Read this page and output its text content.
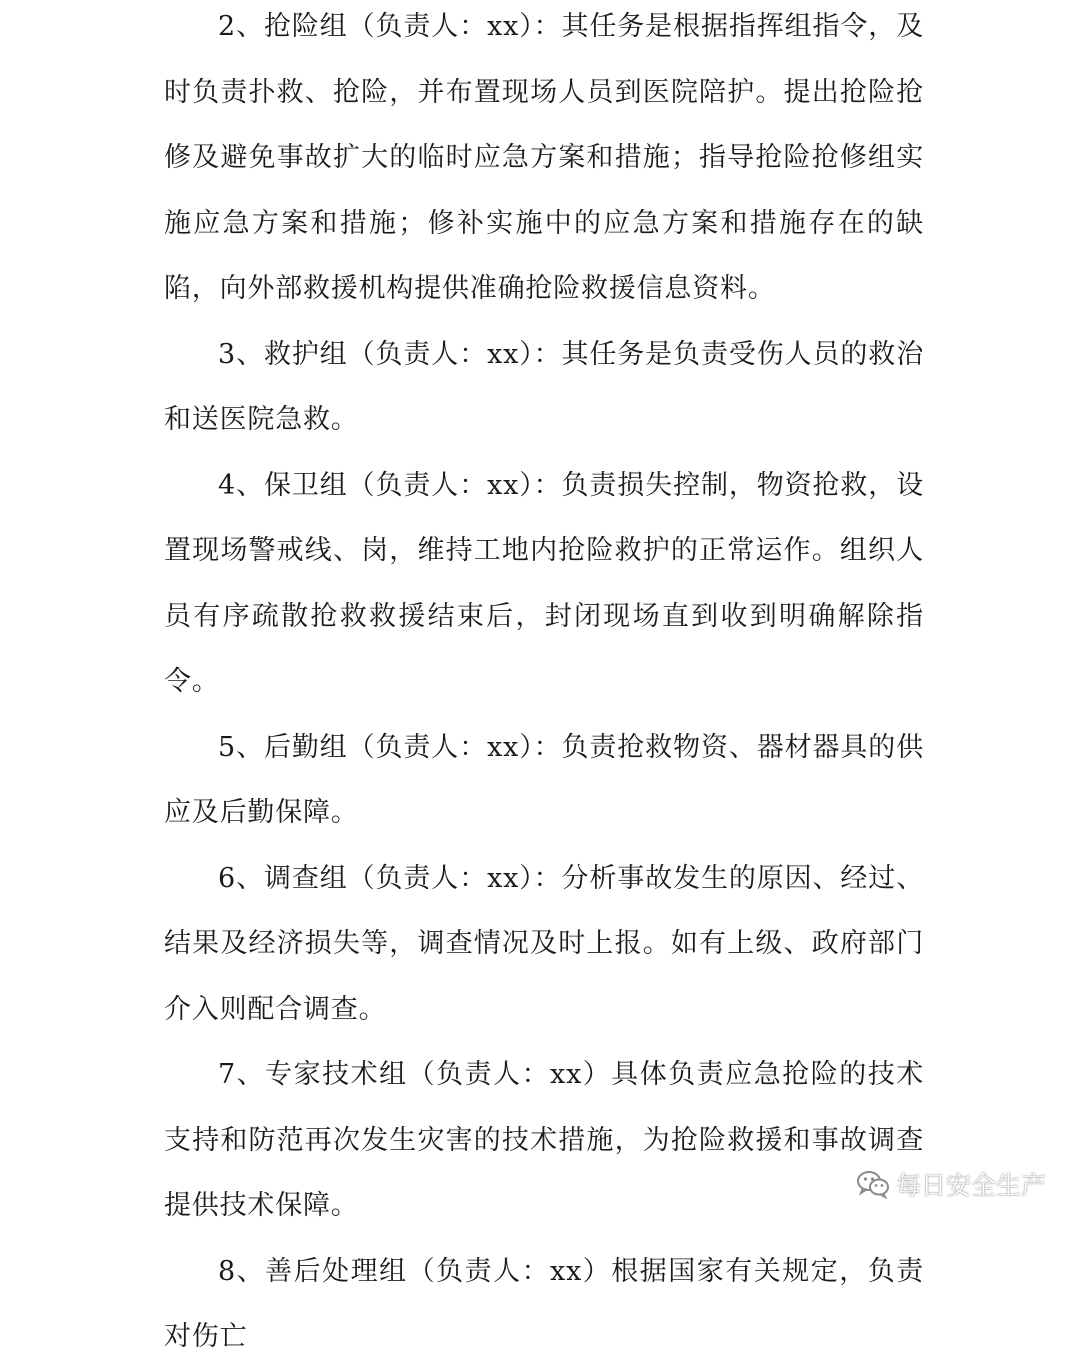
2、抢险组（负责人：xx）：其任务是根据指挥组指令，及时负责扑救、抢险，并布置现场人员到医院陪护。提出抢险抢修及避免事故扩大的临时应急方案和措施；指导抢险抢修组实施应急方案和措施；修补实施中的应急方案和措施存在的缺陷，向外部救援机构提供准确抢险救援信息资料。

3、救护组（负责人：xx）：其任务是负责受伤人员的救治和送医院急救。

4、保卫组（负责人：xx）：负责损失控制，物资抢救，设置现场警戒线、岗，维持工地内抢险救护的正常运作。组织人员有序疏散抢救救援结束后，封闭现场直到收到明确解除指令。

5、后勤组（负责人：xx）：负责抢救物资、器材器具的供应及后勤保障。

6、调查组（负责人：xx）：分析事故发生的原因、经过、结果及经济损失等，调查情况及时上报。如有上级、政府部门介入则配合调查。

7、专家技术组（负责人：xx）具体负责应急抢险的技术支持和防范再次发生灾害的技术措施，为抢险救援和事故调查提供技术保障。

8、善后处理组（负责人：xx）根据国家有关规定，负责对伤亡

每日安全生产
